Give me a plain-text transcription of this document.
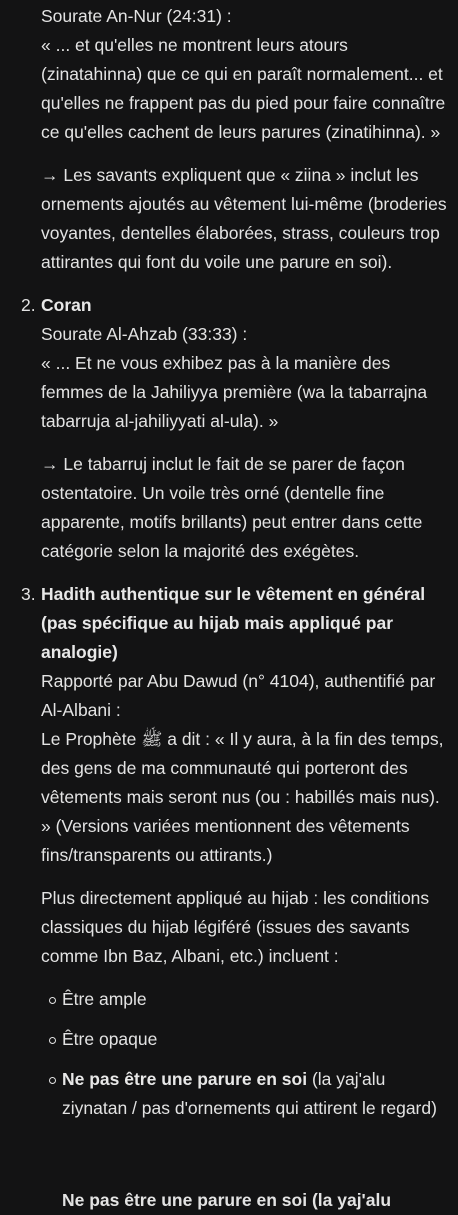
Sourate An-Nur (24:31) :

« ... et qu'elles ne montrent leurs atours (zinatahinna) que ce qui en paraît normalement... et qu'elles ne frappent pas du pied pour faire connaître ce qu'elles cachent de leurs parures (zinatihinna). »

→ Les savants expliquent que « ziina » inclut les ornements ajoutés au vêtement lui-même (broderies voyantes, dentelles élaborées, strass, couleurs trop attirantes qui font du voile une parure en soi).

2. Coran

Sourate Al-Ahzab (33:33) :

« ... Et ne vous exhibez pas à la manière des femmes de la Jahiliyya première (wa la tabarrajna tabarruja al-jahiliyyati al-ula). »

→ Le tabarruj inclut le fait de se parer de façon ostentatoire. Un voile très orné (dentelle fine apparente, motifs brillants) peut entrer dans cette catégorie selon la majorité des exégètes.

3. Hadith authentique sur le vêtement en général (pas spécifique au hijab mais appliqué par analogie)

Rapporté par Abu Dawud (n° 4104), authentifié par Al-Albani :

Le Prophète ﷺ a dit : « Il y aura, à la fin des temps, des gens de ma communauté qui porteront des vêtements mais seront nus (ou : habillés mais nus). » (Versions variées mentionnent des vêtements fins/transparents ou attirants.)

Plus directement appliqué au hijab : les conditions classiques du hijab légiféré (issues des savants comme Ibn Baz, Albani, etc.) incluent :

Être ample
Être opaque
Ne pas être une parure en soi (la yaj'alu ziynatan / pas d'ornements qui attirent le regard)
Ne pas être une parure en soi (la yaj'alu
